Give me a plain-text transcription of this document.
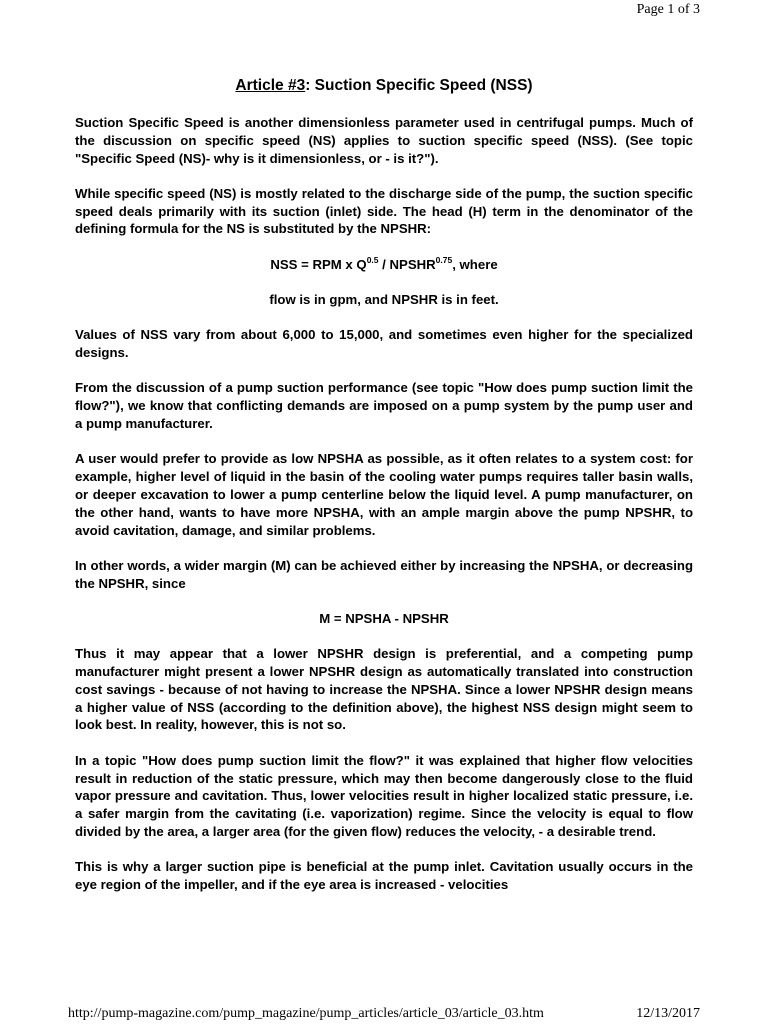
Page 1 of 3
Article #3: Suction Specific Speed (NSS)

Suction Specific Speed is another dimensionless parameter used in centrifugal pumps. Much of the discussion on specific speed (NS) applies to suction specific speed (NSS). (See topic "Specific Speed (NS)- why is it dimensionless, or - is it?").

While specific speed (NS) is mostly related to the discharge side of the pump, the suction specific speed deals primarily with its suction (inlet) side. The head (H) term in the denominator of the defining formula for the NS is substituted by the NPSHR:

NSS = RPM x $Q^{0.5}$ / $NPSHR^{0.75}$, where

flow is in gpm, and NPSHR is in feet.

Values of NSS vary from about 6,000 to 15,000, and sometimes even higher for the specialized designs.

From the discussion of a pump suction performance (see topic "How does pump suction limit the flow?"), we know that conflicting demands are imposed on a pump system by the pump user and a pump manufacturer.

A user would prefer to provide as low NPSHA as possible, as it often relates to a system cost: for example, higher level of liquid in the basin of the cooling water pumps requires taller basin walls, or deeper excavation to lower a pump centerline below the liquid level. A pump manufacturer, on the other hand, wants to have more NPSHA, with an ample margin above the pump NPSHR, to avoid cavitation, damage, and similar problems.

In other words, a wider margin (M) can be achieved either by increasing the NPSHA, or decreasing the NPSHR, since

M = NPSHA - NPSHR

Thus it may appear that a lower NPSHR design is preferential, and a competing pump manufacturer might present a lower NPSHR design as automatically translated into construction cost savings - because of not having to increase the NPSHA. Since a lower NPSHR design means a higher value of NSS (according to the definition above), the highest NSS design might seem to look best. In reality, however, this is not so.

In a topic "How does pump suction limit the flow?" it was explained that higher flow velocities result in reduction of the static pressure, which may then become dangerously close to the fluid vapor pressure and cavitation. Thus, lower velocities result in higher localized static pressure, i.e. a safer margin from the cavitating (i.e. vaporization) regime. Since the velocity is equal to flow divided by the area, a larger area (for the given flow) reduces the velocity, - a desirable trend.

This is why a larger suction pipe is beneficial at the pump inlet. Cavitation usually occurs in the eye region of the impeller, and if the eye area is increased - velocities

http://pump-magazine.com/pump_magazine/pump_articles/article_03/article_03.htm	12/13/2017
